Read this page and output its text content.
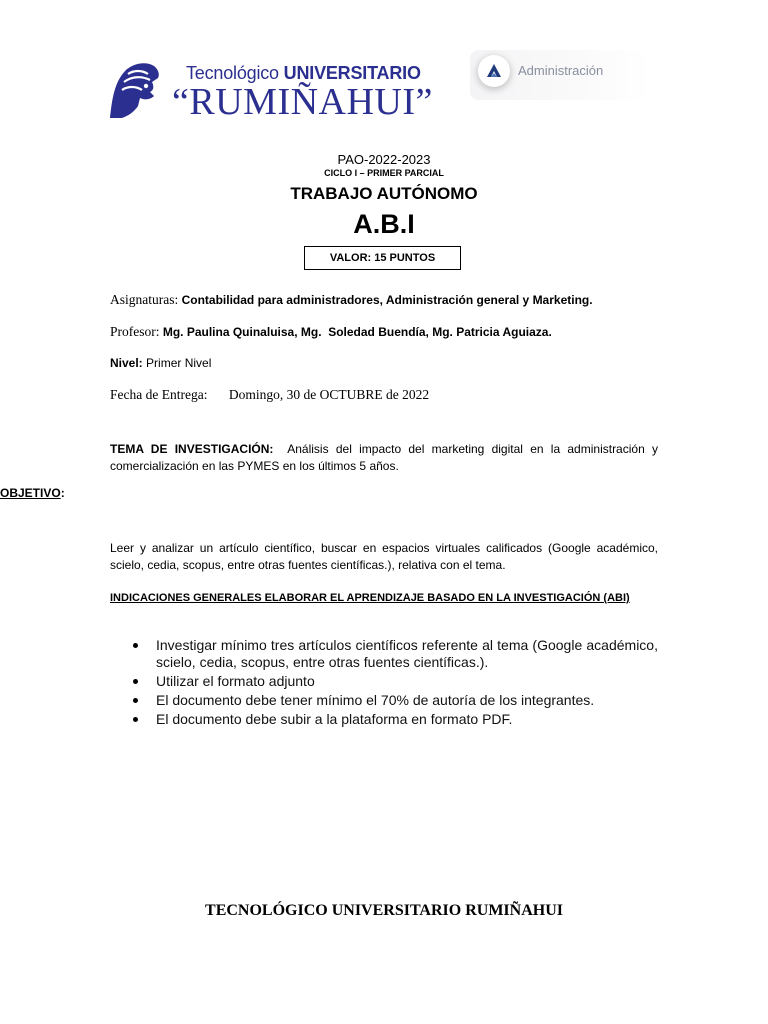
Tecnológico UNIVERSITARIO
“RUMIÑAHUI”
Administración
PAO-2022-2023
CICLO I – PRIMER PARCIAL
TRABAJO AUTÓNOMO
A.B.I
VALOR: 15 PUNTOS
Asignaturas: Contabilidad para administradores, Administración general y Marketing.
Profesor: Mg. Paulina Quinaluisa, Mg.  Soledad Buendía, Mg. Patricia Aguiaza.
Nivel: Primer Nivel
Fecha de Entrega: Domingo, 30 de OCTUBRE de 2022
TEMA DE INVESTIGACIÓN: Análisis del impacto del marketing digital en la administración y comercialización en las PYMES en los últimos 5 años.
OBJETIVO:
Leer y analizar un artículo científico, buscar en espacios virtuales calificados (Google académico, scielo, cedia, scopus, entre otras fuentes científicas.), relativa con el tema.
INDICACIONES GENERALES ELABORAR EL APRENDIZAJE BASADO EN LA INVESTIGACIÓN (ABI)
Investigar mínimo tres artículos científicos referente al tema (Google académico, scielo, cedia, scopus, entre otras fuentes científicas.).
Utilizar el formato adjunto
El documento debe tener mínimo el 70% de autoría de los integrantes.
El documento debe subir a la plataforma en formato PDF.
TECNOLÓGICO UNIVERSITARIO RUMIÑAHUI
